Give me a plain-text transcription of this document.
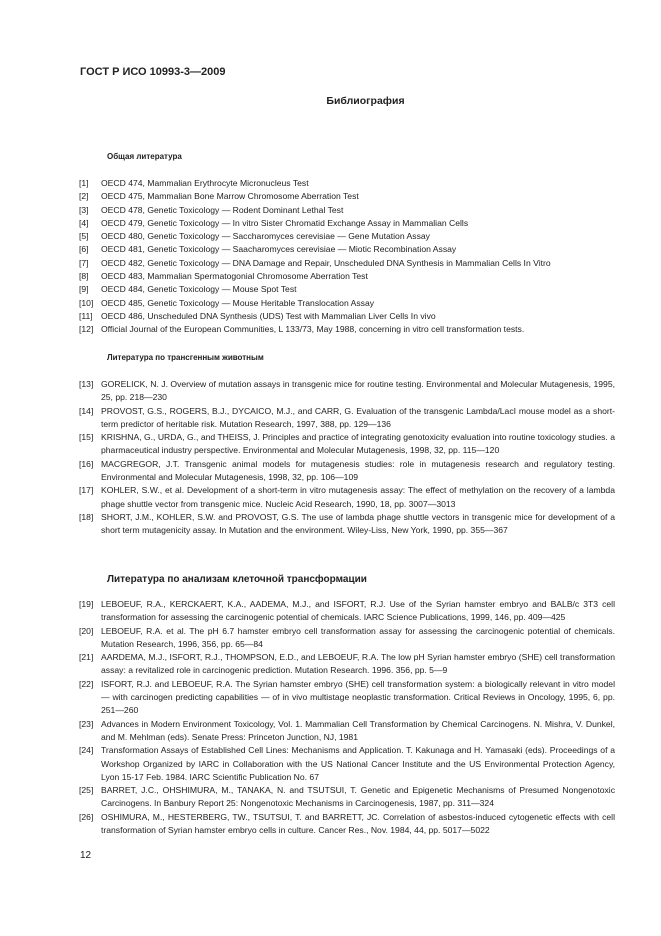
ГОСТ Р ИСО 10993-3—2009
Библиография
Общая литература
[1]	OECD 474, Mammalian Erythrocyte Micronucleus Test
[2]	OECD 475, Mammalian Bone Marrow Chromosome Aberration Test
[3]	OECD 478, Genetic Toxicology — Rodent Dominant Lethal Test
[4]	OECD 479, Genetic Toxicology — In vitro Sister Chromatid Exchange Assay in Mammalian Cells
[5]	OECD 480, Genetic Toxicology — Saccharomyces cerevisiae — Gene Mutation Assay
[6]	OECD 481, Genetic Toxicology — Saacharomyces cerevisiae — Miotic Recombination Assay
[7]	OECD 482, Genetic Toxicology — DNA Damage and Repair, Unscheduled DNA Synthesis in Mammalian Cells In Vitro
[8]	OECD 483, Mammalian Spermatogonial Chromosome Aberration Test
[9]	OECD 484, Genetic Toxicology — Mouse Spot Test
[10] OECD 485, Genetic Toxicology — Mouse Heritable Translocation Assay
[11] OECD 486, Unscheduled DNA Synthesis (UDS) Test with Mammalian Liver Cells In vivo
[12] Official Journal of the European Communities, L 133/73, May 1988, concerning in vitro cell transformation tests.
Литература по трансгенным животным
[13] GORELICK, N. J. Overview of mutation assays in transgenic mice for routine testing. Environmental and Molecular Mutagenesis, 1995, 25, pp. 218—230
[14] PROVOST, G.S., ROGERS, B.J., DYCAICO, M.J., and CARR, G. Evaluation of the transgenic Lambda/LacI mouse model as a short-term predictor of heritable risk. Mutation Research, 1997, 388, pp. 129—136
[15] KRISHNA, G., URDA, G., and THEISS, J. Principles and practice of integrating genotoxicity evaluation into routine toxicology studies. a pharmaceutical industry perspective. Environmental and Molecular Mutagenesis, 1998, 32, pp. 115—120
[16] MACGREGOR, J.T. Transgenic animal models for mutagenesis studies: role in mutagenesis research and regulatory testing. Environmental and Molecular Mutagenesis, 1998, 32, pp. 106—109
[17] KOHLER, S.W., et al. Development of a short-term in vitro mutagenesis assay: The effect of methylation on the recovery of a lambda phage shuttle vector from transgenic mice. Nucleic Acid Research, 1990, 18, pp. 3007—3013
[18] SHORT, J.M., KOHLER, S.W. and PROVOST, G.S. The use of lambda phage shuttle vectors in transgenic mice for development of a short term mutagenicity assay. In Mutation and the environment. Wiley-Liss, New York, 1990, pp. 355—367
Литература по анализам клеточной трансформации
[19] LEBOEUF, R.A., KERCKAERT, K.A., AADEMA, M.J., and ISFORT, R.J. Use of the Syrian hamster embryo and BALB/c 3T3 cell transformation for assessing the carcinogenic potential of chemicals. IARC Science Publications, 1999, 146, pp. 409—425
[20] LEBOEUF, R.A. et al. The pH 6.7 hamster embryo cell transformation assay for assessing the carcinogenic potential of chemicals. Mutation Research, 1996, 356, pp. 65—84
[21] AARDEMA, M.J., ISFORT, R.J., THOMPSON, E.D., and LEBOEUF, R.A. The low pH Syrian hamster embryo (SHE) cell transformation assay: a revitalized role in carcinogenic prediction. Mutation Research. 1996. 356, pp. 5—9
[22] ISFORT, R.J. and LEBOEUF, R.A. The Syrian hamster embryo (SHE) cell transformation system: a biologically relevant in vitro model — with carcinogen predicting capabilities — of in vivo multistage neoplastic transformation. Critical Reviews in Oncology, 1995, 6, pp. 251—260
[23] Advances in Modern Environment Toxicology, Vol. 1. Mammalian Cell Transformation by Chemical Carcinogens. N. Mishra, V. Dunkel, and M. Mehlman (eds). Senate Press: Princeton Junction, NJ, 1981
[24] Transformation Assays of Established Cell Lines: Mechanisms and Application. T. Kakunaga and H. Yamasaki (eds). Proceedings of a Workshop Organized by IARC in Collaboration with the US National Cancer Institute and the US Environmental Protection Agency, Lyon 15-17 Feb. 1984. IARC Scientific Publication No. 67
[25] BARRET, J.C., OHSHIMURA, M., TANAKA, N. and TSUTSUI, T. Genetic and Epigenetic Mechanisms of Presumed Nongenotoxic Carcinogens. In Banbury Report 25: Nongenotoxic Mechanisms in Carcinogenesis, 1987, pp. 311—324
[26] OSHIMURA, M., HESTERBERG, TW., TSUTSUI, T. and BARRETT, JC. Correlation of asbestos-induced cytogenetic effects with cell transformation of Syrian hamster embryo cells in culture. Cancer Res., Nov. 1984, 44, pp. 5017—5022
12
